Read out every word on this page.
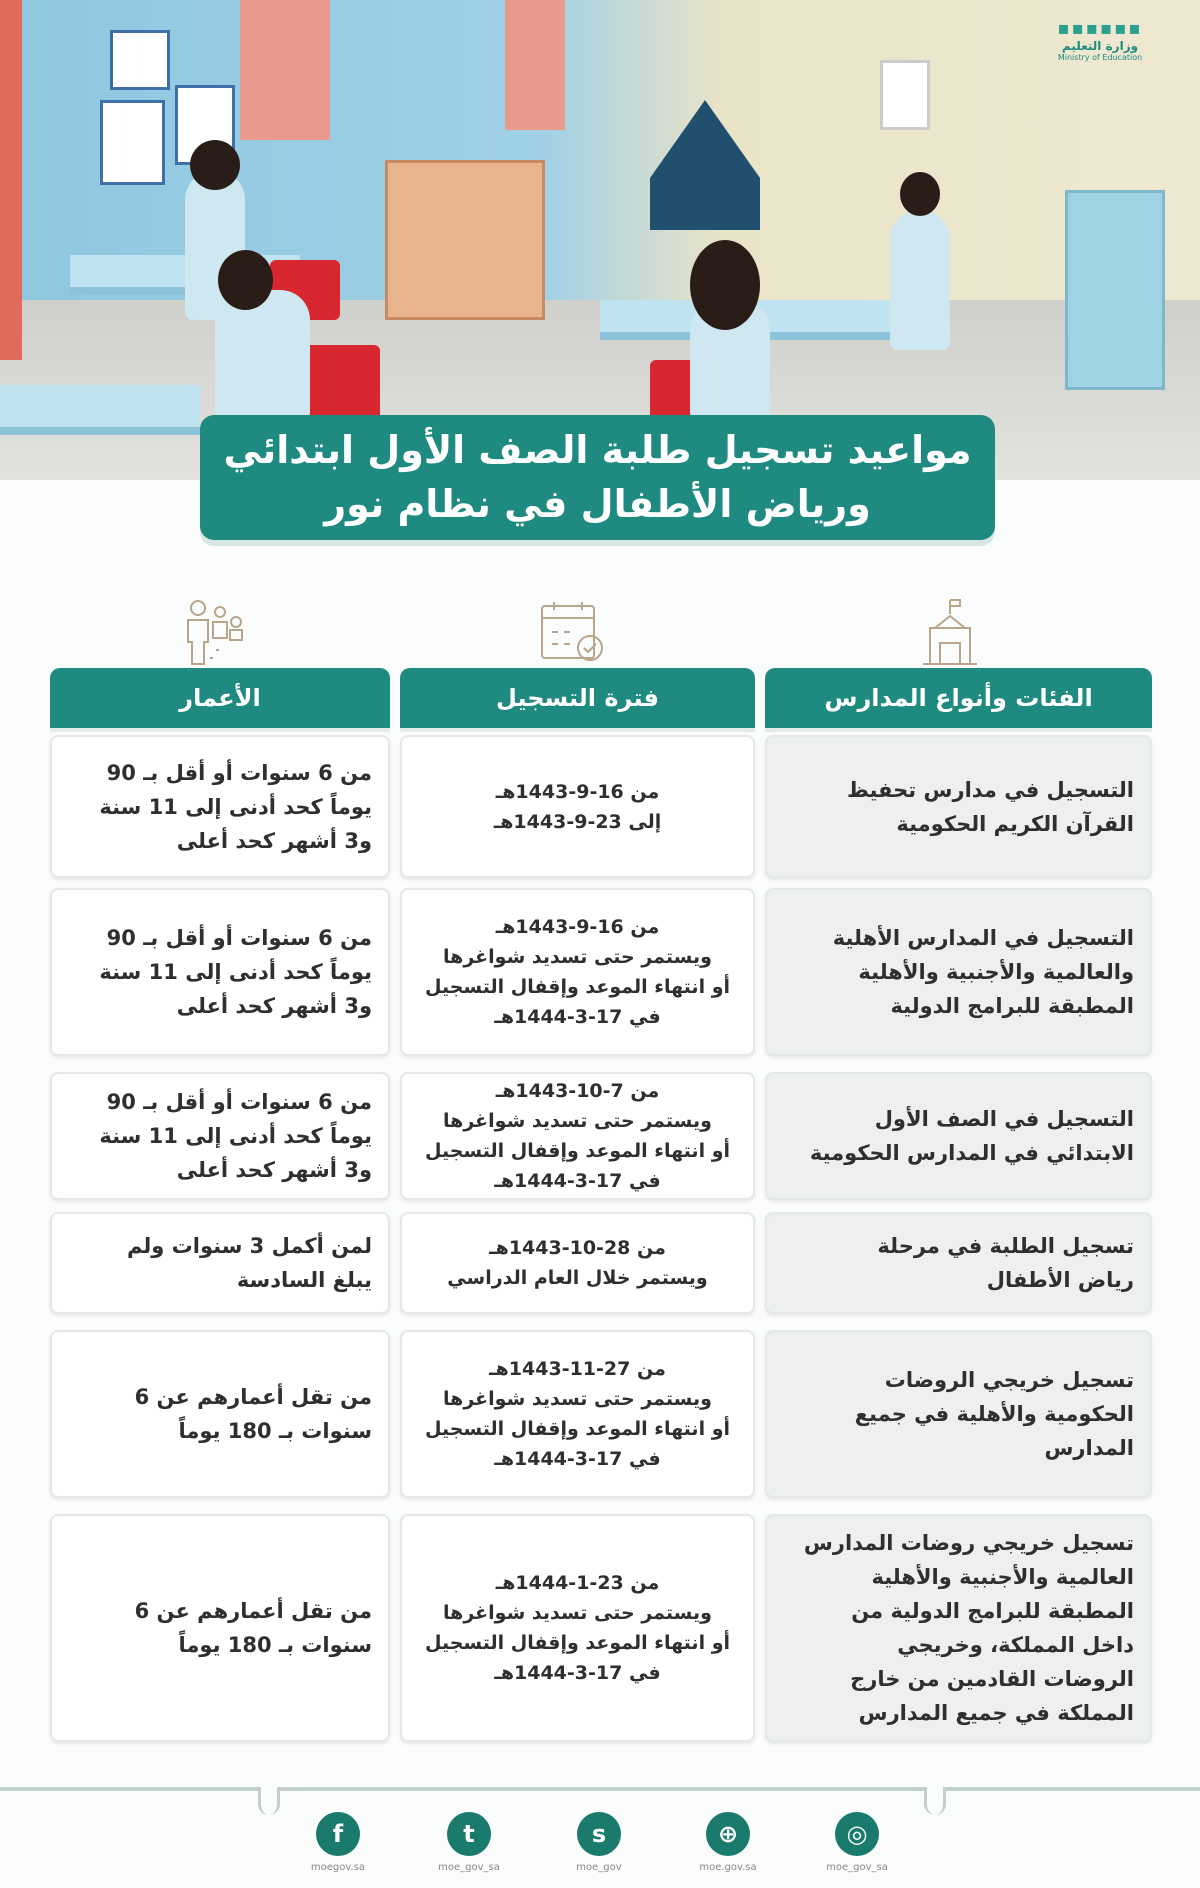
▪▪▪▪▪▪
وزارة التعليم
Ministry of Education
مواعيد تسجيل طلبة الصف الأول ابتدائي
ورياض الأطفال في نظام نور
الفئات وأنواع المدارس
فترة التسجيل
الأعمار
التسجيل في مدارس تحفيظ
القرآن الكريم الحكومية
من 16-9-1443هـ
إلى 23-9-1443هـ
من 6 سنوات أو أقل بـ 90
يوماً كحد أدنى إلى 11 سنة
و3 أشهر كحد أعلى
التسجيل في المدارس الأهلية
والعالمية والأجنبية والأهلية
المطبقة للبرامج الدولية
من 16-9-1443هـ
ويستمر حتى تسديد شواغرها
أو انتهاء الموعد وإقفال التسجيل
في 17-3-1444هـ
من 6 سنوات أو أقل بـ 90
يوماً كحد أدنى إلى 11 سنة
و3 أشهر كحد أعلى
التسجيل في الصف الأول
الابتدائي في المدارس الحكومية
من 7-10-1443هـ
ويستمر حتى تسديد شواغرها
أو انتهاء الموعد وإقفال التسجيل
في 17-3-1444هـ
من 6 سنوات أو أقل بـ 90
يوماً كحد أدنى إلى 11 سنة
و3 أشهر كحد أعلى
تسجيل الطلبة في مرحلة
رياض الأطفال
من 28-10-1443هـ
ويستمر خلال العام الدراسي
لمن أكمل 3 سنوات ولم
يبلغ السادسة
تسجيل خريجي الروضات
الحكومية والأهلية في جميع
المدارس
من 27-11-1443هـ
ويستمر حتى تسديد شواغرها
أو انتهاء الموعد وإقفال التسجيل
في 17-3-1444هـ
من تقل أعمارهم عن 6
سنوات بـ 180 يوماً
تسجيل خريجي روضات المدارس
العالمية والأجنبية والأهلية
المطبقة للبرامج الدولية من
داخل المملكة، وخريجي
الروضات القادمين من خارج
المملكة في جميع المدارس
من 23-1-1444هـ
ويستمر حتى تسديد شواغرها
أو انتهاء الموعد وإقفال التسجيل
في 17-3-1444هـ
من تقل أعمارهم عن 6
سنوات بـ 180 يوماً
f
moegov.sa
t
moe_gov_sa
s
moe_gov
⊕
moe.gov.sa
◎
moe_gov_sa
